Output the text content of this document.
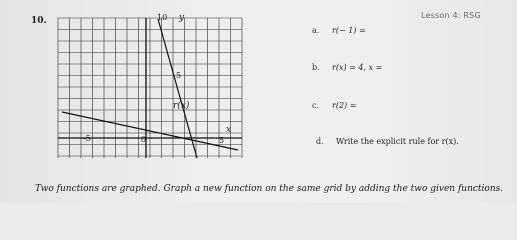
Lesson 4: RSG
10.	10 y
5
r(x)
x
-5	0	5
a. r(− 1) =
b. r(x) = 4, x =
c. r(2) =
d. Write the explicit rule for r(x).
Two functions are graphed. Graph a new function on the same grid by adding the two given functions.
